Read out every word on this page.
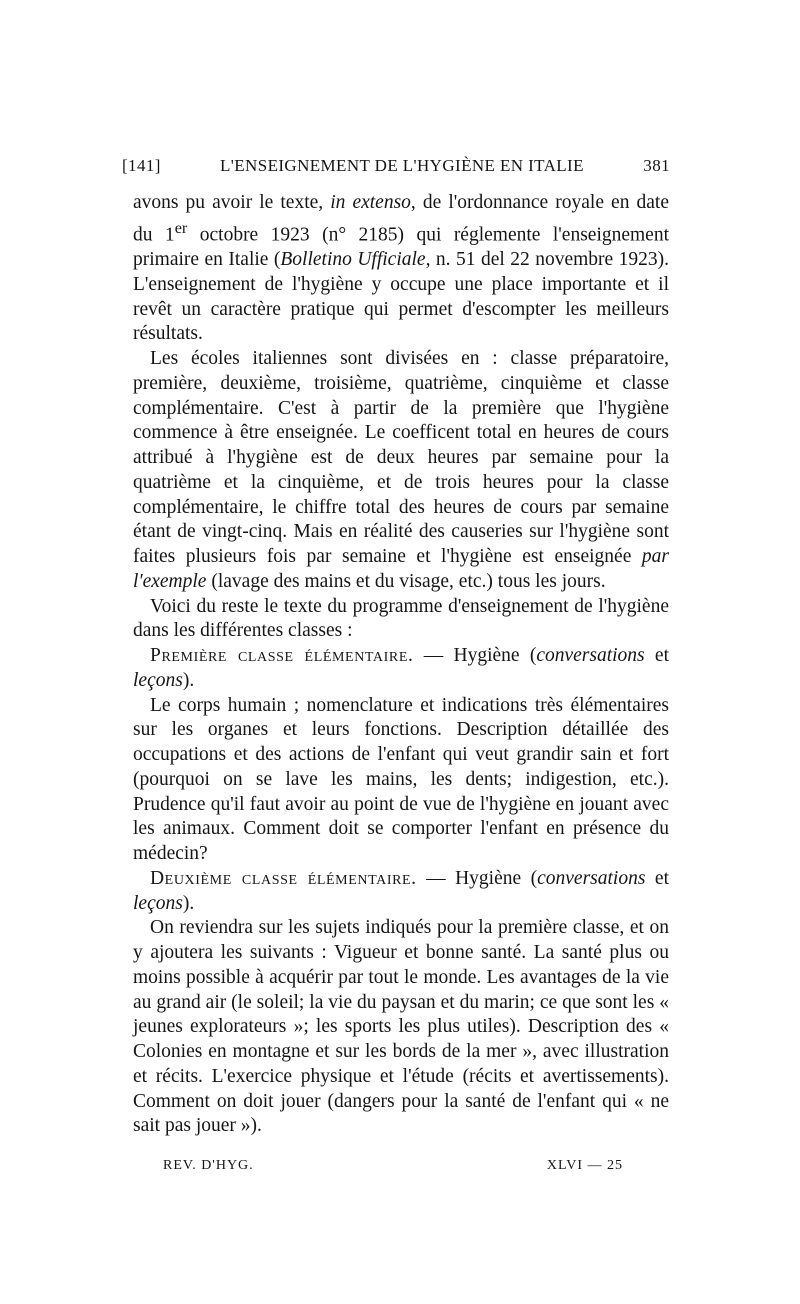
[141]	L'ENSEIGNEMENT DE L'HYGIÈNE EN ITALIE	381

avons pu avoir le texte, in extenso, de l'ordonnance royale en date du 1er octobre 1923 (n° 2185) qui réglemente l'enseignement primaire en Italie (Bolletino Ufficiale, n. 51 del 22 novembre 1923). L'enseignement de l'hygiène y occupe une place importante et il revêt un caractère pratique qui permet d'escompter les meilleurs résultats.

Les écoles italiennes sont divisées en : classe préparatoire, première, deuxième, troisième, quatrième, cinquième et classe complémentaire. C'est à partir de la première que l'hygiène commence à être enseignée. Le coefficent total en heures de cours attribué à l'hygiène est de deux heures par semaine pour la quatrième et la cinquième, et de trois heures pour la classe complémentaire, le chiffre total des heures de cours par semaine étant de vingt-cinq. Mais en réalité des causeries sur l'hygiène sont faites plusieurs fois par semaine et l'hygiène est enseignée par l'exemple (lavage des mains et du visage, etc.) tous les jours.

Voici du reste le texte du programme d'enseignement de l'hygiène dans les différentes classes :

Première classe élémentaire. — Hygiène (conversations et leçons).

Le corps humain ; nomenclature et indications très élémentaires sur les organes et leurs fonctions. Description détaillée des occupations et des actions de l'enfant qui veut grandir sain et fort (pourquoi on se lave les mains, les dents; indigestion, etc.). Prudence qu'il faut avoir au point de vue de l'hygiène en jouant avec les animaux. Comment doit se comporter l'enfant en présence du médecin?

Deuxième classe élémentaire. — Hygiène (conversations et leçons).

On reviendra sur les sujets indiqués pour la première classe, et on y ajoutera les suivants : Vigueur et bonne santé. La santé plus ou moins possible à acquérir par tout le monde. Les avantages de la vie au grand air (le soleil; la vie du paysan et du marin; ce que sont les « jeunes explorateurs »; les sports les plus utiles). Description des « Colonies en montagne et sur les bords de la mer », avec illustration et récits. L'exercice physique et l'étude (récits et avertissements). Comment on doit jouer (dangers pour la santé de l'enfant qui « ne sait pas jouer »).

REV. D'HYG.	XLVI — 25
